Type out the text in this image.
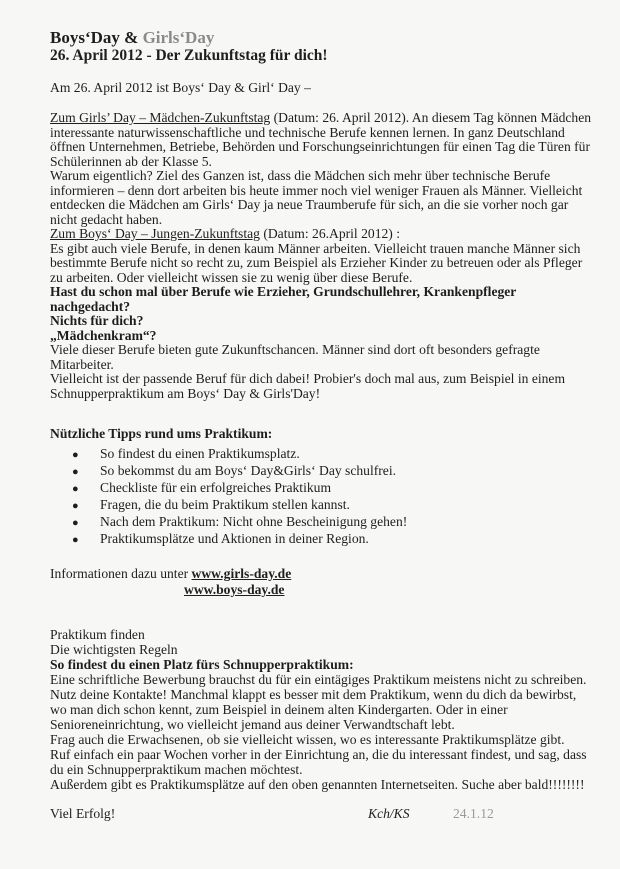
Boys‘Day & Girls‘Day
26. April 2012 - Der Zukunftstag für dich!
Am 26. April 2012 ist Boys‘ Day & Girl‘ Day –
Zum Girls’ Day – Mädchen-Zukunftstag (Datum: 26. April 2012). An diesem Tag können Mädchen
interessante naturwissenschaftliche und technische Berufe kennen lernen. In ganz Deutschland
öffnen Unternehmen, Betriebe, Behörden und Forschungseinrichtungen für einen Tag die Türen für
Schülerinnen ab der Klasse 5.
Warum eigentlich? Ziel des Ganzen ist, dass die Mädchen sich mehr über technische Berufe
informieren – denn dort arbeiten bis heute immer noch viel weniger Frauen als Männer. Vielleicht
entdecken die Mädchen am Girls‘ Day ja neue Traumberufe für sich, an die sie vorher noch gar
nicht gedacht haben.
Zum Boys‘ Day – Jungen-Zukunftstag (Datum: 26.April 2012) :
Es gibt auch viele Berufe, in denen kaum Männer arbeiten. Vielleicht trauen manche Männer sich
bestimmte Berufe nicht so recht zu, zum Beispiel als Erzieher Kinder zu betreuen oder als Pfleger
zu arbeiten. Oder vielleicht wissen sie zu wenig über diese Berufe.
Hast du schon mal über Berufe wie Erzieher, Grundschullehrer, Krankenpfleger
nachgedacht?
Nichts für dich?
„Mädchenkram“?
Viele dieser Berufe bieten gute Zukunftschancen. Männer sind dort oft besonders gefragte
Mitarbeiter.
Vielleicht ist der passende Beruf für dich dabei! Probier's doch mal aus, zum Beispiel in einem
Schnupperpraktikum am Boys‘ Day & Girls'Day!
Nützliche Tipps rund ums Praktikum:
● So findest du einen Praktikumsplatz.
● So bekommst du am Boys‘ Day&Girls‘ Day schulfrei.
● Checkliste für ein erfolgreiches Praktikum
● Fragen, die du beim Praktikum stellen kannst.
● Nach dem Praktikum: Nicht ohne Bescheinigung gehen!
● Praktikumsplätze und Aktionen in deiner Region.
Informationen dazu unter www.girls-day.de
www.boys-day.de
Praktikum finden
Die wichtigsten Regeln
So findest du einen Platz fürs Schnupperpraktikum:
Eine schriftliche Bewerbung brauchst du für ein eintägiges Praktikum meistens nicht zu schreiben.
Nutz deine Kontakte! Manchmal klappt es besser mit dem Praktikum, wenn du dich da bewirbst,
wo man dich schon kennt, zum Beispiel in deinem alten Kindergarten. Oder in einer
Senioreneinrichtung, wo vielleicht jemand aus deiner Verwandtschaft lebt.
Frag auch die Erwachsenen, ob sie vielleicht wissen, wo es interessante Praktikumsplätze gibt.
Ruf einfach ein paar Wochen vorher in der Einrichtung an, die du interessant findest, und sag, dass
du ein Schnupperpraktikum machen möchtest.
Außerdem gibt es Praktikumsplätze auf den oben genannten Internetseiten. Suche aber bald!!!!!!!!
Viel Erfolg!	Kch/KS	24.1.12
